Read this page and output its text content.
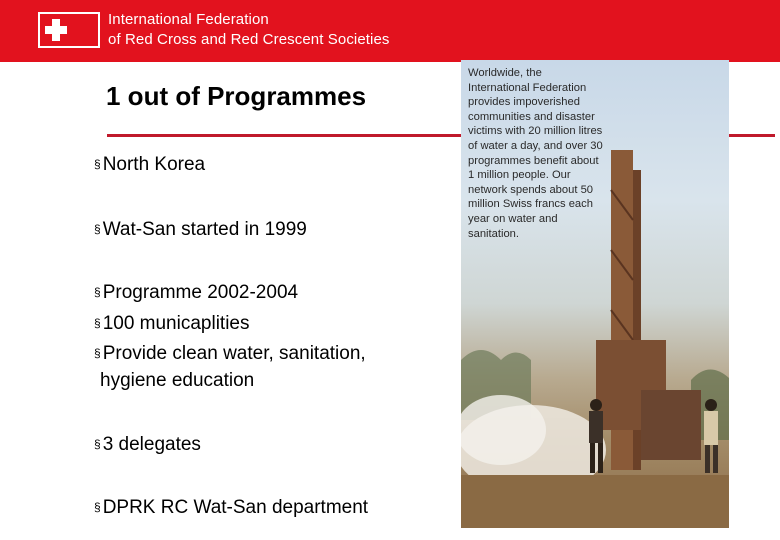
International Federation
of Red Cross and Red Crescent Societies
1 out of Programmes
§ North Korea
§ Wat-San started in 1999
§ Programme 2002-2004
§ 100 municaplities
§ Provide clean water, sanitation,
hygiene education
§ 3 delegates
§ DPRK RC Wat-San department
Worldwide, the International Federation provides impoverished communities and disaster victims with 20 million litres of water a day, and over 30 programmes benefit about 1 million people. Our network spends about 50 million Swiss francs each year on water and sanitation.
